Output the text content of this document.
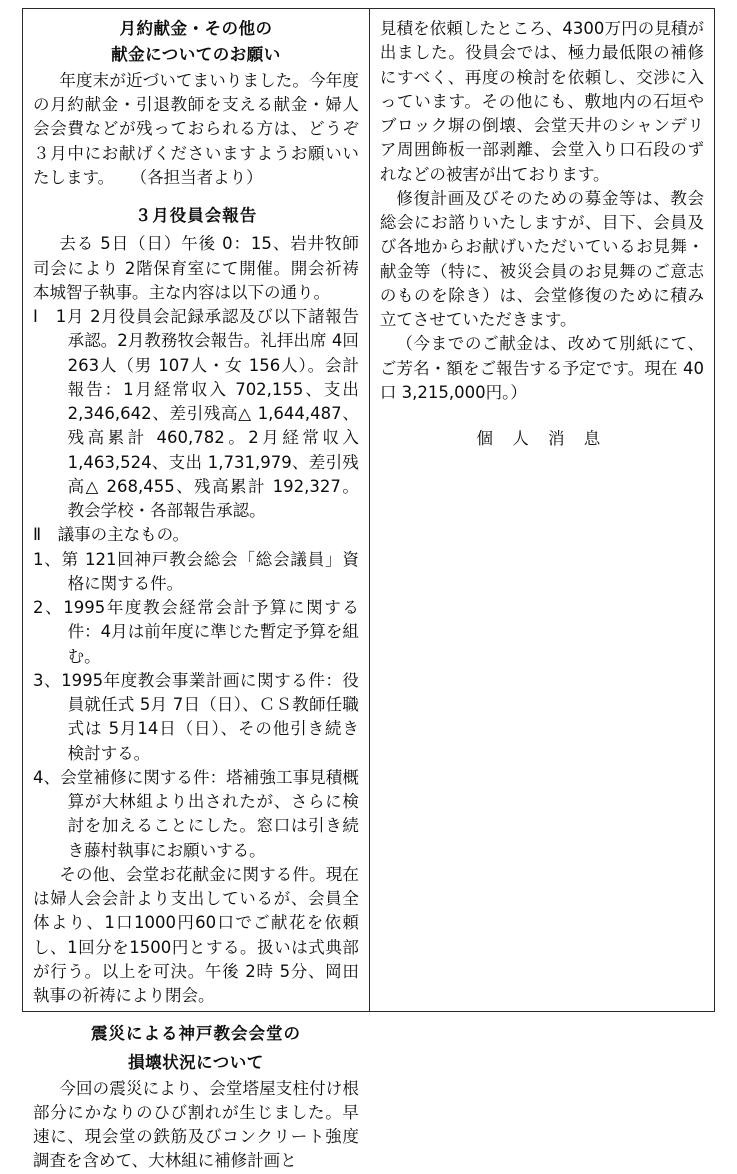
月約献金・その他の
献金についてのお願い

年度末が近づいてまいりました。今年度の月約献金・引退教師を支える献金・婦人会会費などが残っておられる方は、どうぞ３月中にお献げくださいますようお願いいたします。　　（各担当者より）

３月役員会報告

去る 5日（日）午後 0：15、岩井牧師司会により 2階保育室にて開催。開会祈祷本城智子執事。主な内容は以下の通り。

Ⅰ　1月 2月役員会記録承認及び以下諸報告承認。2月教務牧会報告。礼拝出席 4回 263人（男 107人・女 156人）。会計報告：1月経常収入 702,155、支出 2,346,642、差引残高△ 1,644,487、残高累計 460,782。2月経常収入 1,463,524、支出 1,731,979、差引残高△ 268,455、残高累計 192,327。教会学校・各部報告承認。

Ⅱ　議事の主なもの。

1、第 121回神戸教会総会「総会議員」資格に関する件。

2、1995年度教会経常会計予算に関する件：4月は前年度に準じた暫定予算を組む。

3、1995年度教会事業計画に関する件：役員就任式 5月 7日（日）、ＣＳ教師任職式は 5月14日（日）、その他引き続き検討する。

4、会堂補修に関する件：塔補強工事見積概算が大林組より出されたが、さらに検討を加えることにした。窓口は引き続き藤村執事にお願いする。

その他、会堂お花献金に関する件。現在は婦人会会計より支出しているが、会員全体より、1口1000円60口でご献花を依頼し、1回分を1500円とする。扱いは式典部が行う。以上を可決。午後 2時 5分、岡田執事の祈祷により閉会。

震災による神戸教会会堂の
損壊状況について

今回の震災により、会堂塔屋支柱付け根部分にかなりのひび割れが生じました。早速に、現会堂の鉄筋及びコンクリート強度調査を含めて、大林組に補修計画と

見積を依頼したところ、4300万円の見積が出ました。役員会では、極力最低限の補修にすべく、再度の検討を依頼し、交渉に入っています。その他にも、敷地内の石垣やブロック塀の倒壊、会堂天井のシャンデリア周囲飾板一部剥離、会堂入り口石段のずれなどの被害が出ております。

修復計画及びそのための募金等は、教会総会にお諮りいたしますが、目下、会員及び各地からお献げいただいているお見舞・献金等（特に、被災会員のお見舞のご意志のものを除き）は、会堂修復のために積み立てさせていただきます。

（今までのご献金は、改めて別紙にて、ご芳名・額をご報告する予定です。現在 40口 3,215,000円。）

個 人 消 息
